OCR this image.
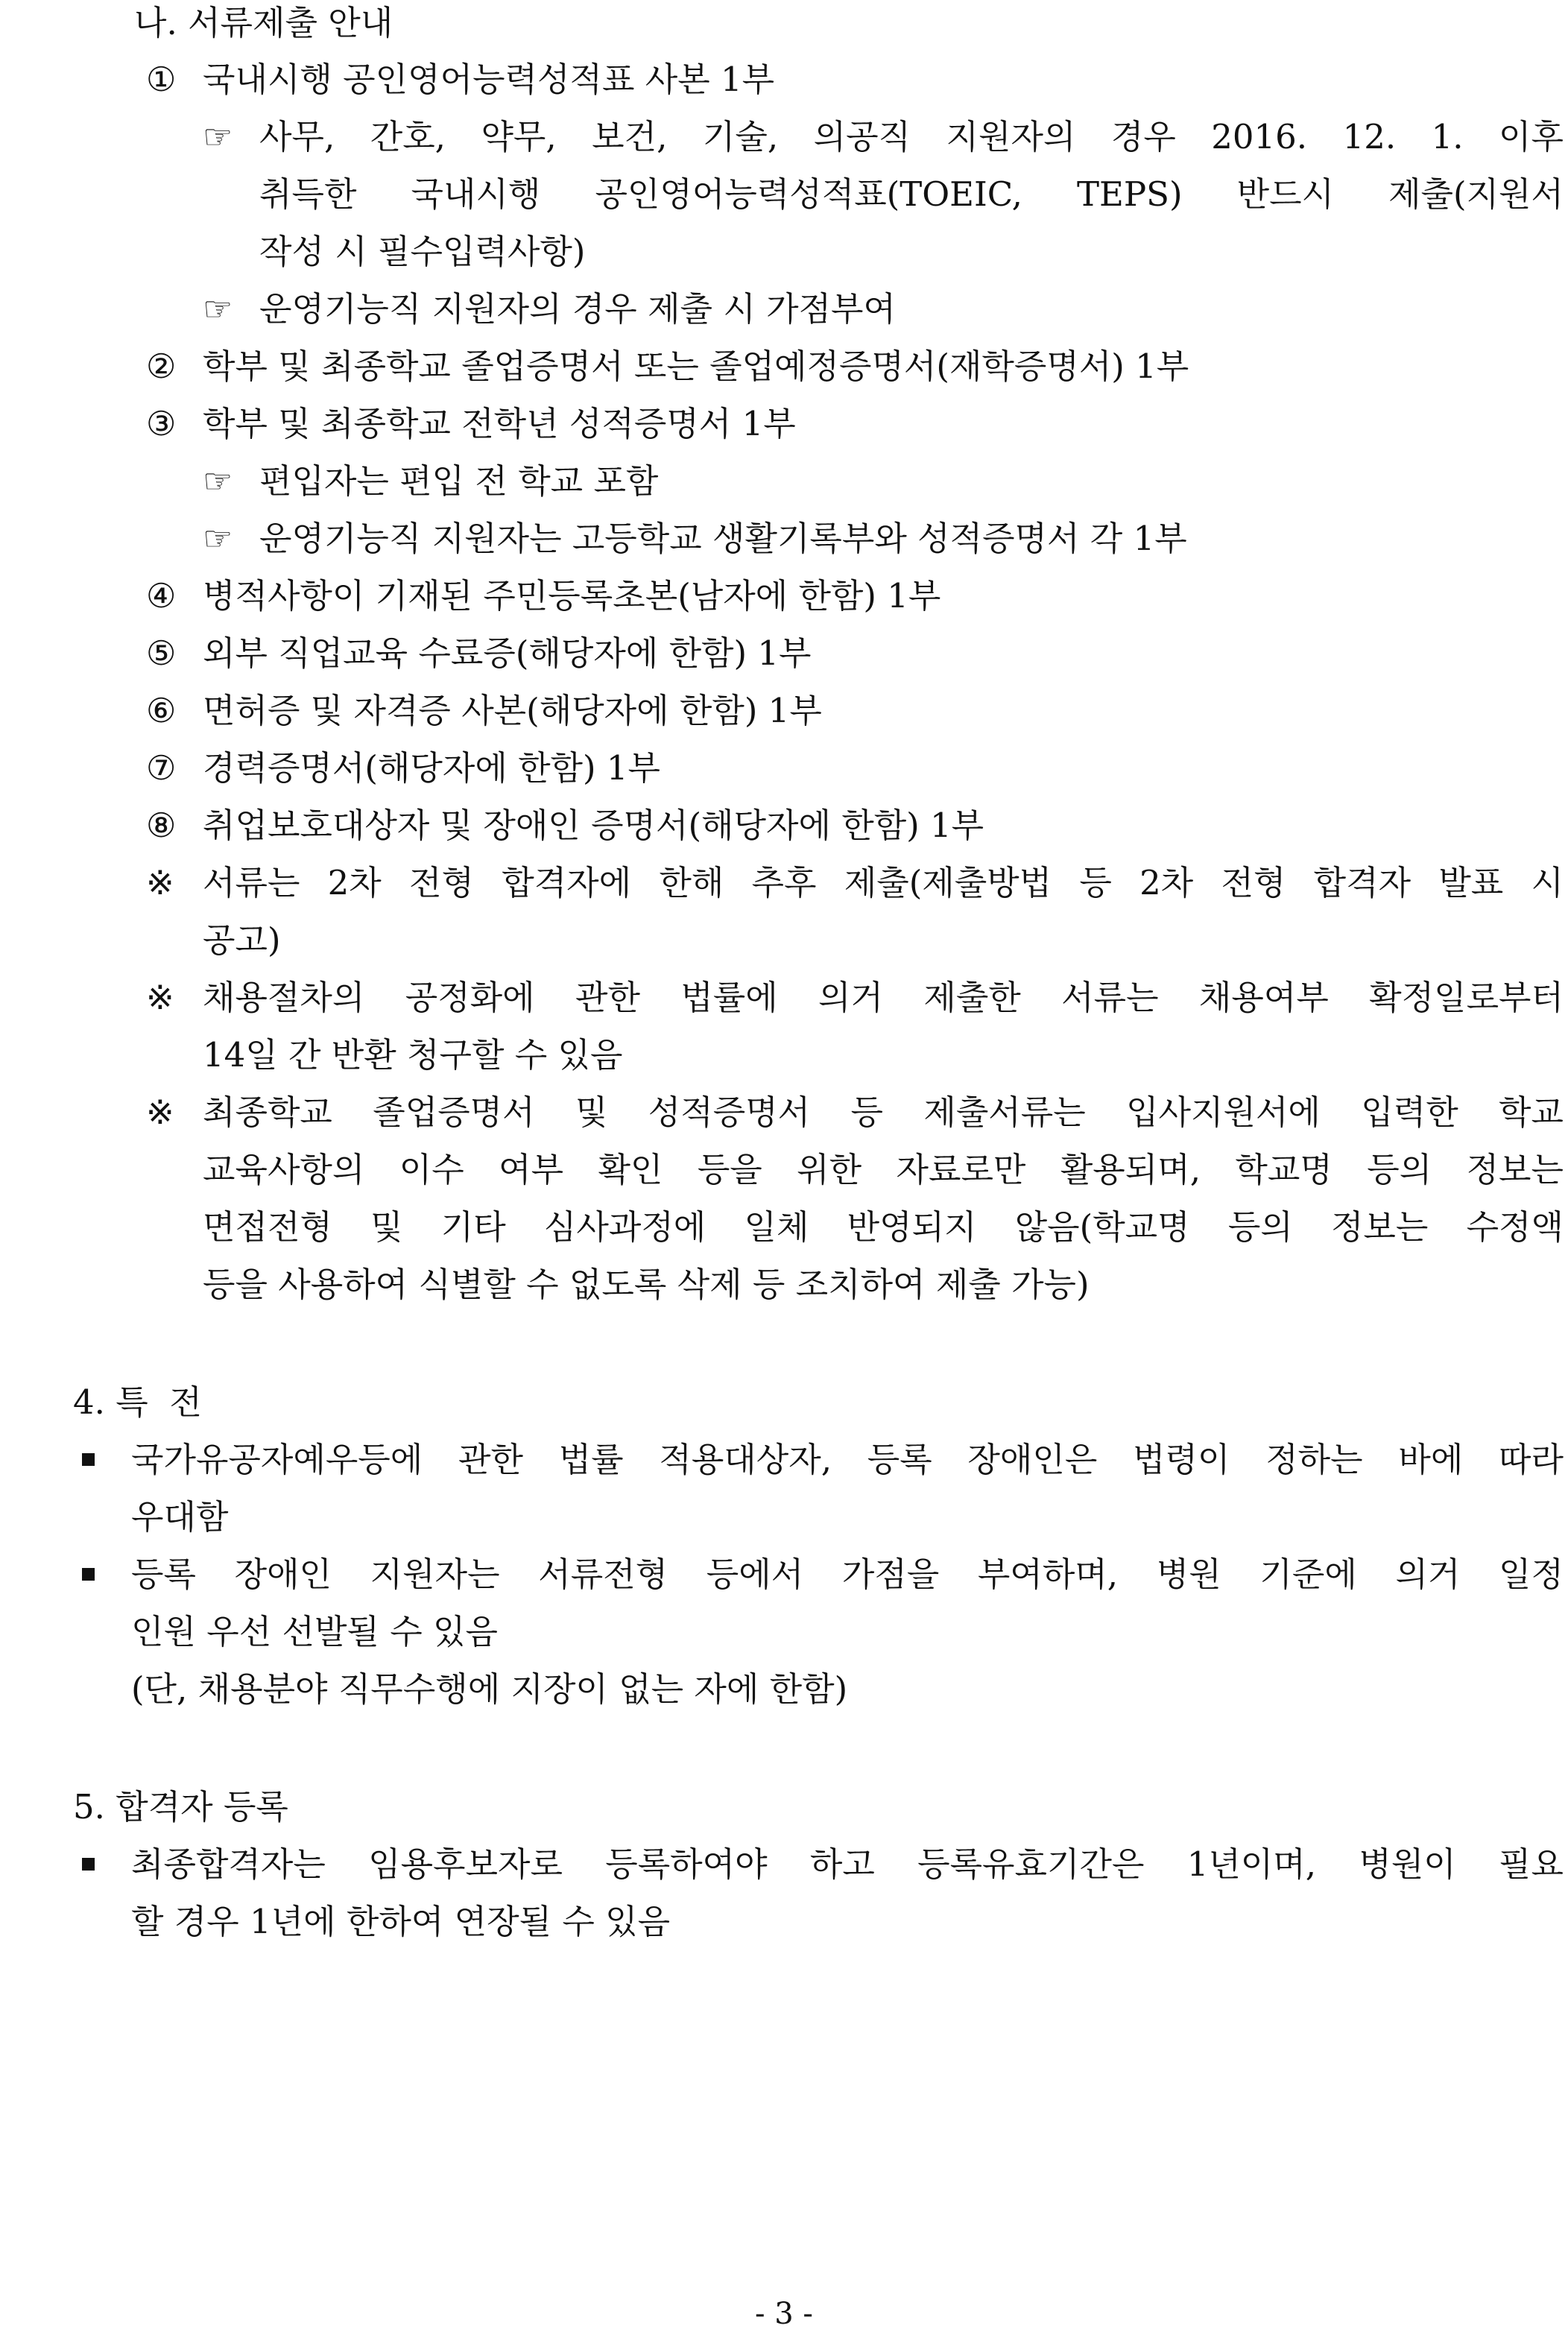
나. 서류제출 안내
① 국내시행 공인영어능력성적표 사본 1부
☞ 사무, 간호, 약무, 보건, 기술, 의공직 지원자의 경우 2016. 12. 1. 이후
취득한 국내시행 공인영어능력성적표(TOEIC, TEPS) 반드시 제출(지원서
작성 시 필수입력사항)
☞ 운영기능직 지원자의 경우 제출 시 가점부여
② 학부 및 최종학교 졸업증명서 또는 졸업예정증명서(재학증명서) 1부
③ 학부 및 최종학교 전학년 성적증명서 1부
☞ 편입자는 편입 전 학교 포함
☞ 운영기능직 지원자는 고등학교 생활기록부와 성적증명서 각 1부
④ 병적사항이 기재된 주민등록초본(남자에 한함) 1부
⑤ 외부 직업교육 수료증(해당자에 한함) 1부
⑥ 면허증 및 자격증 사본(해당자에 한함) 1부
⑦ 경력증명서(해당자에 한함) 1부
⑧ 취업보호대상자 및 장애인 증명서(해당자에 한함) 1부
※ 서류는 2차 전형 합격자에 한해 추후 제출(제출방법 등 2차 전형 합격자 발표 시
공고)
※ 채용절차의 공정화에 관한 법률에 의거 제출한 서류는 채용여부 확정일로부터
14일 간 반환 청구할 수 있음
※ 최종학교 졸업증명서 및 성적증명서 등 제출서류는 입사지원서에 입력한 학교
교육사항의 이수 여부 확인 등을 위한 자료로만 활용되며, 학교명 등의 정보는
면접전형 및 기타 심사과정에 일체 반영되지 않음(학교명 등의 정보는 수정액
등을 사용하여 식별할 수 없도록 삭제 등 조치하여 제출 가능)
4. 특  전
국가유공자예우등에 관한 법률 적용대상자, 등록 장애인은 법령이 정하는 바에 따라
우대함
등록 장애인 지원자는 서류전형 등에서 가점을 부여하며, 병원 기준에 의거 일정
인원 우선 선발될 수 있음
(단, 채용분야 직무수행에 지장이 없는 자에 한함)
5. 합격자 등록
최종합격자는 임용후보자로 등록하여야 하고 등록유효기간은 1년이며, 병원이 필요
할 경우 1년에 한하여 연장될 수 있음
- 3 -
